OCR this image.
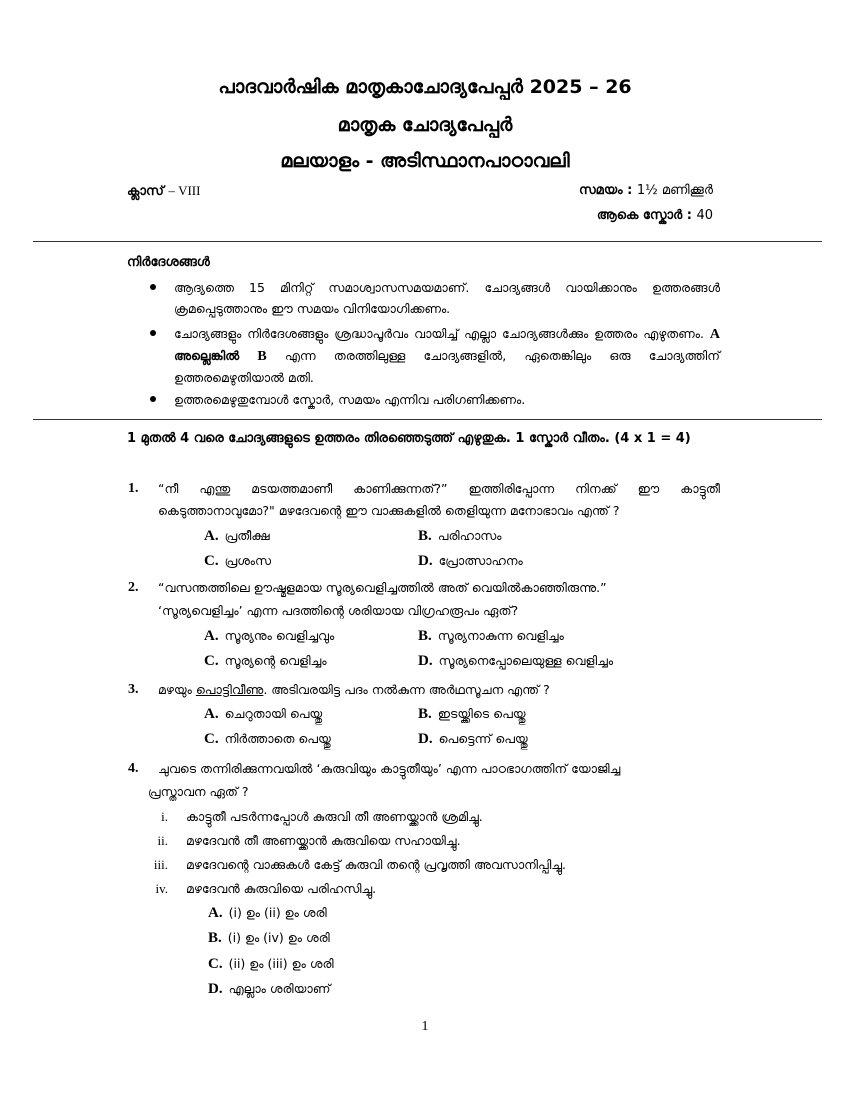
പാദവാർഷിക മാതൃകാചോദ്യപേപ്പർ 2025 – 26
മാതൃക ചോദ്യപേപ്പർ
മലയാളം - അടിസ്ഥാനപാഠാവലി
ക്ലാസ് – VIII	സമയം : 1½ മണിക്കൂർ
ആകെ സ്കോർ : 40
നിർദേശങ്ങൾ
ആദ്യത്തെ 15 മിനിറ്റ് സമാശ്വാസസമയമാണ്. ചോദ്യങ്ങൾ വായിക്കാനും ഉത്തരങ്ങൾ ക്രമപ്പെടുത്താനും ഈ സമയം വിനിയോഗിക്കണം.
ചോദ്യങ്ങളും നിർദേശങ്ങളും ശ്രദ്ധാപൂർവം വായിച്ച് എല്ലാ ചോദ്യങ്ങൾക്കും ഉത്തരം എഴുതണം. A അല്ലെങ്കിൽ B എന്ന തരത്തിലുള്ള ചോദ്യങ്ങളിൽ, ഏതെങ്കിലും ഒരു ചോദ്യത്തിന് ഉത്തരമെഴുതിയാൽ മതി.
ഉത്തരമെഴുതുമ്പോൾ സ്കോർ, സമയം എന്നിവ പരിഗണിക്കണം.
1 മുതൽ 4 വരെ ചോദ്യങ്ങളുടെ ഉത്തരം തിരഞ്ഞെടുത്ത് എഴുതുക. 1 സ്കോർ വീതം. (4 x 1 = 4)
1. “നീ എന്തു മടയത്തമാണീ കാണിക്കുന്നത്?” ഇത്തിരിപ്പോന്ന നിനക്ക് ഈ കാട്ടുതീ കെടുത്താനാവുമോ?" മഴദേവന്റെ ഈ വാക്കുകളിൽ തെളിയുന്ന മനോഭാവം എന്ത് ?
A. പ്രതീക്ഷ	B. പരിഹാസം
C. പ്രശംസ	D. പ്രോത്സാഹനം
2. “വസന്തത്തിലെ ഊഷ്മളമായ സൂര്യവെളിച്ചത്തിൽ അത് വെയിൽകാഞ്ഞിരുന്നു.”
‘സൂര്യവെളിച്ചം’ എന്ന പദത്തിന്റെ ശരിയായ വിഗ്രഹരൂപം ഏത്?
A. സൂര്യനും വെളിച്ചവും	B. സൂര്യനാകുന്ന വെളിച്ചം
C. സൂര്യന്റെ വെളിച്ചം	D. സൂര്യനെപ്പോലെയുള്ള വെളിച്ചം
3. മഴയും പൊട്ടിവീണു. അടിവരയിട്ട പദം നൽകുന്ന അർഥസൂചന എന്ത് ?
A. ചെറുതായി പെയ്തു	B. ഇടയ്ക്കിടെ പെയ്തു
C. നിർത്താതെ പെയ്തു	D. പെട്ടെന്ന് പെയ്തു
4. ചുവടെ തന്നിരിക്കുന്നവയിൽ ‘കുരുവിയും കാട്ടുതീയും’ എന്ന പാഠഭാഗത്തിന് യോജിച്ച
പ്രസ്താവന ഏത് ?
i. കാട്ടുതീ പടർന്നപ്പോൾ കുരുവി തീ അണയ്ക്കാൻ ശ്രമിച്ചു.
ii. മഴദേവൻ തീ അണയ്ക്കാൻ കുരുവിയെ സഹായിച്ചു.
iii. മഴദേവന്റെ വാക്കുകൾ കേട്ട് കുരുവി തന്റെ പ്രവൃത്തി അവസാനിപ്പിച്ചു.
iv. മഴദേവൻ കുരുവിയെ പരിഹസിച്ചു.
A. (i) ഉം (ii) ഉം ശരി
B. (i) ഉം (iv) ഉം ശരി
C. (ii) ഉം (iii) ഉം ശരി
D. എല്ലാം ശരിയാണ്
1
